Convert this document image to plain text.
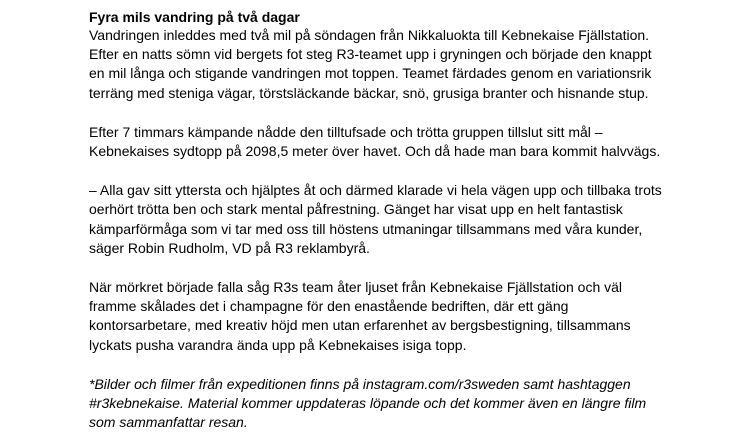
Fyra mils vandring på två dagar

Vandringen inleddes med två mil på söndagen från Nikkaluokta till Kebnekaise Fjällstation.
Efter en natts sömn vid bergets fot steg R3-teamet upp i gryningen och började den knappt
en mil långa och stigande vandringen mot toppen. Teamet färdades genom en variationsrik
terräng med steniga vägar, törstsläckande bäckar, snö, grusiga branter och hisnande stup.

Efter 7 timmars kämpande nådde den tilltufsade och trötta gruppen tillslut sitt mål –
Kebnekaises sydtopp på 2098,5 meter över havet. Och då hade man bara kommit halvvägs.

– Alla gav sitt yttersta och hjälptes åt och därmed klarade vi hela vägen upp och tillbaka trots
oerhört trötta ben och stark mental påfrestning. Gänget har visat upp en helt fantastisk
kämparförmåga som vi tar med oss till höstens utmaningar tillsammans med våra kunder,
säger Robin Rudholm, VD på R3 reklambyrå.

När mörkret började falla såg R3s team åter ljuset från Kebnekaise Fjällstation och väl
framme skålades det i champagne för den enastående bedriften, där ett gäng
kontorsarbetare, med kreativ höjd men utan erfarenhet av bergsbestigning, tillsammans
lyckats pusha varandra ända upp på Kebnekaises isiga topp.

*Bilder och filmer från expeditionen finns på instagram.com/r3sweden samt hashtaggen
#r3kebnekaise. Material kommer uppdateras löpande och det kommer även en längre film
som sammanfattar resan.
